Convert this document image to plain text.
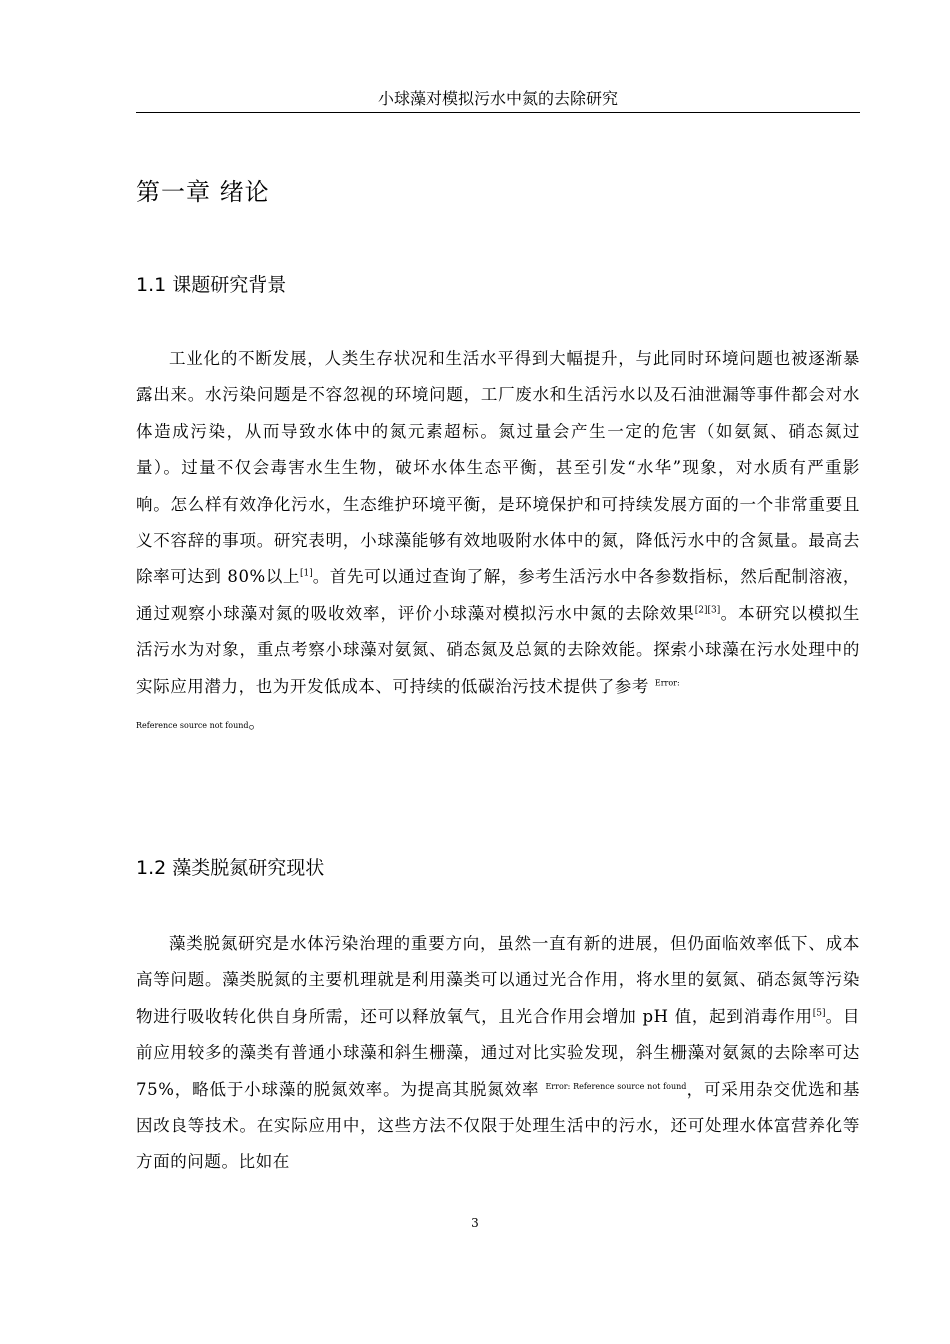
小球藻对模拟污水中氮的去除研究
第一章 绪论
1.1 课题研究背景

工业化的不断发展，人类生存状况和生活水平得到大幅提升，与此同时环境问题也被逐渐暴露出来。水污染问题是不容忽视的环境问题，工厂废水和生活污水以及石油泄漏等事件都会对水体造成污染，从而导致水体中的氮元素超标。氮过量会产生一定的危害（如氨氮、硝态氮过量）。过量不仅会毒害水生生物，破坏水体生态平衡，甚至引发“水华”现象，对水质有严重影响。怎么样有效净化污水，生态维护环境平衡，是环境保护和可持续发展方面的一个非常重要且义不容辞的事项。研究表明，小球藻能够有效地吸附水体中的氮，降低污水中的含氮量。最高去除率可达到 80%以上[1]。首先可以通过查询了解，参考生活污水中各参数指标，然后配制溶液，通过观察小球藻对氮的吸收效率，评价小球藻对模拟污水中氮的去除效果[2][3]。本研究以模拟生活污水为对象，重点考察小球藻对氨氮、硝态氮及总氮的去除效能。探索小球藻在污水处理中的实际应用潜力，也为开发低成本、可持续的低碳治污技术提供了参考 $^{Error:}$
Reference source not found。

1.2 藻类脱氮研究现状

藻类脱氮研究是水体污染治理的重要方向，虽然一直有新的进展，但仍面临效率低下、成本高等问题。藻类脱氮的主要机理就是利用藻类可以通过光合作用，将水里的氨氮、硝态氮等污染物进行吸收转化供自身所需，还可以释放氧气，且光合作用会增加 pH 值，起到消毒作用[5]。目前应用较多的藻类有普通小球藻和斜生栅藻，通过对比实验发现，斜生栅藻对氨氮的去除率可达 75%，略低于小球藻的脱氮效率。为提高其脱氮效率 $^{Error: Reference source not found}$，可采用杂交优选和基因改良等技术。在实际应用中，这些方法不仅限于处理生活中的污水，还可处理水体富营养化等方面的问题。比如在

3
